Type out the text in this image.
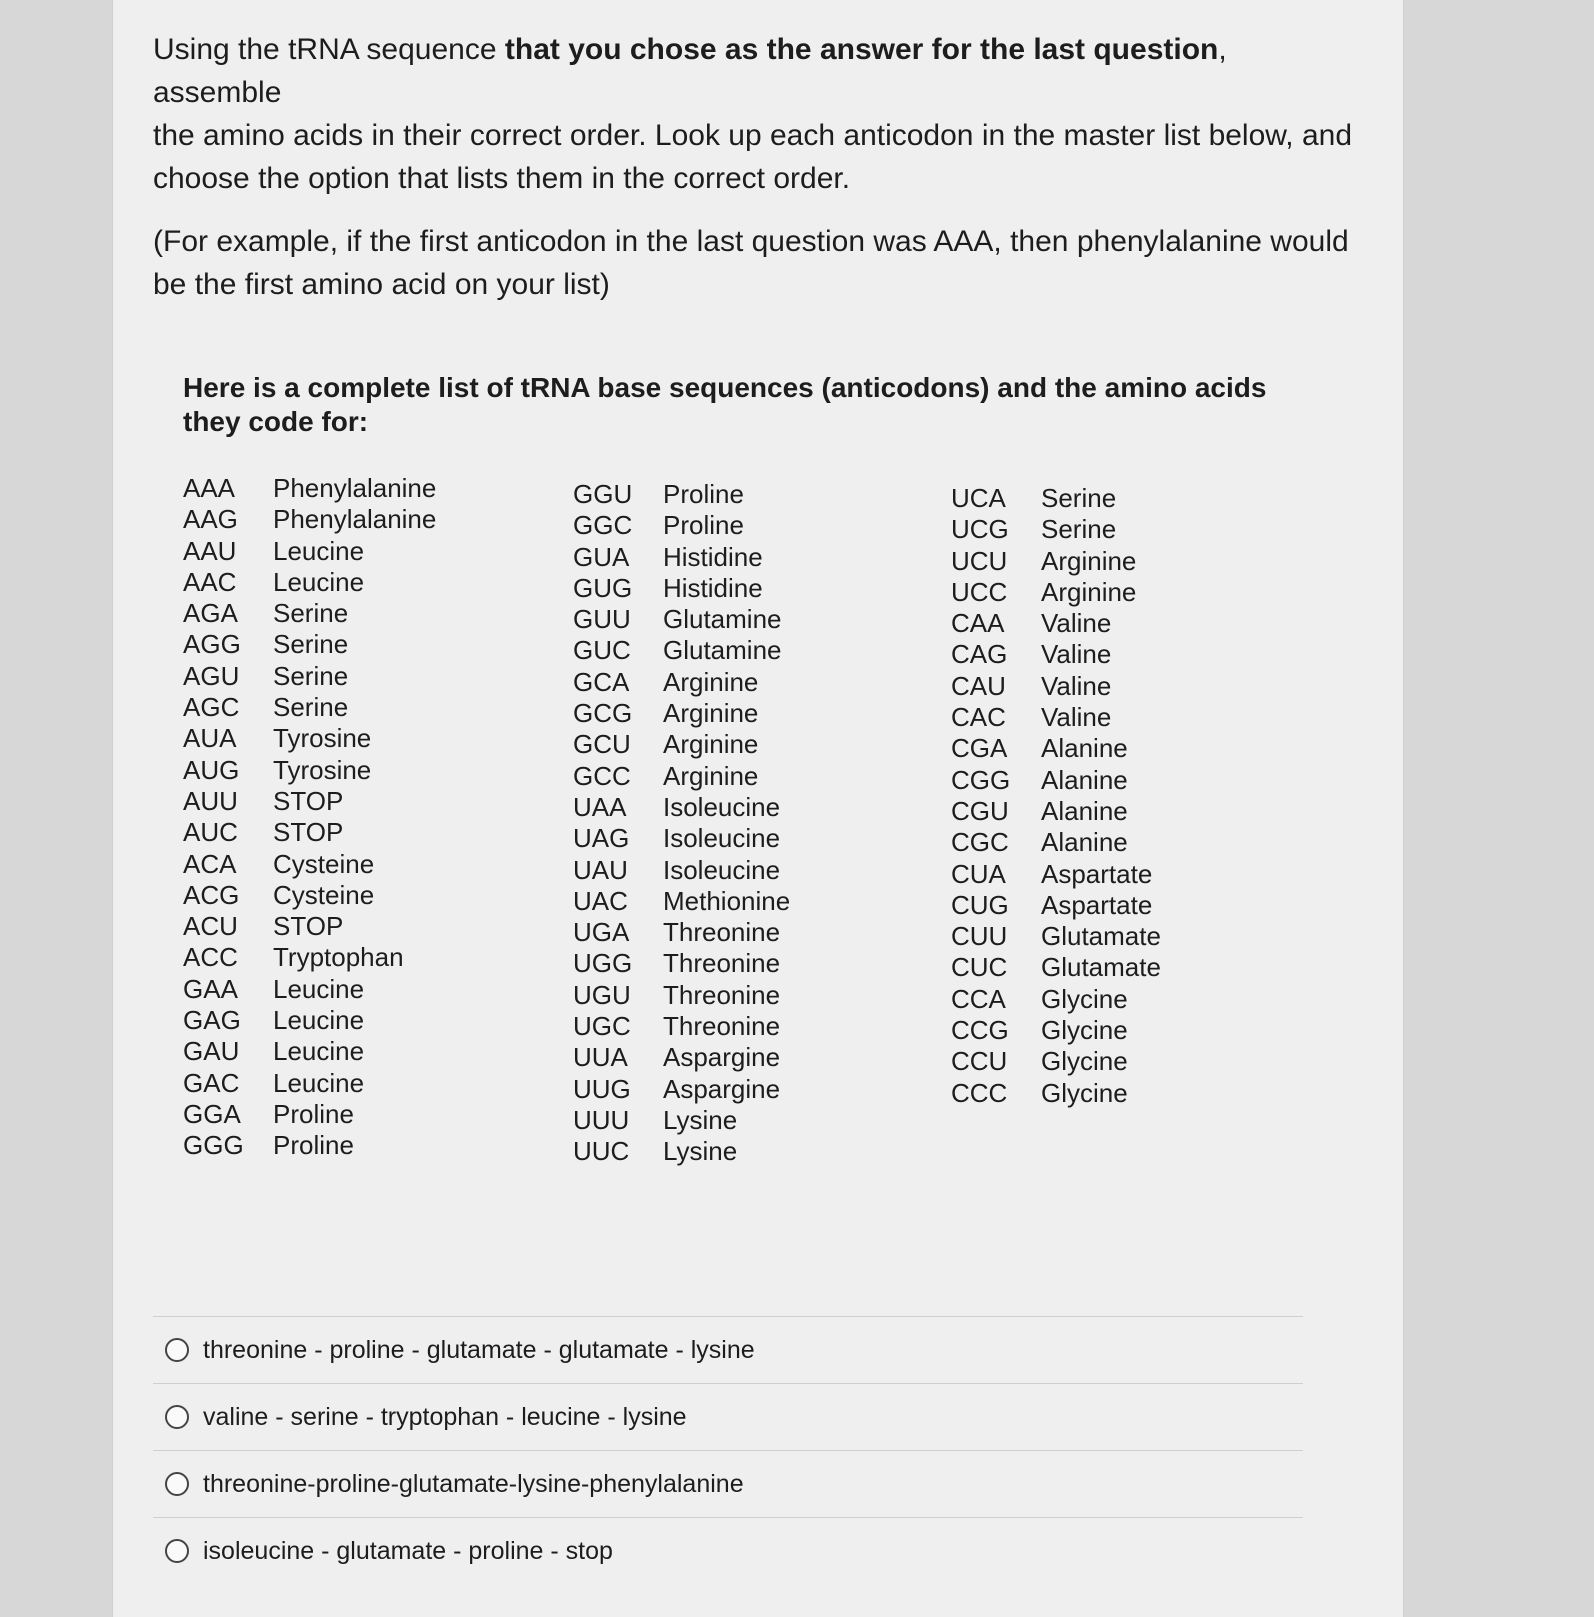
Using the tRNA sequence that you chose as the answer for the last question, assemble

the amino acids in their correct order. Look up each anticodon in the master list below, and

choose the option that lists them in the correct order.

(For example, if the first anticodon in the last question was AAA, then phenylalanine would

be the first amino acid on your list)

Here is a complete list of tRNA base sequences (anticodons) and the amino acids they code for:
AAA	Phenylalanine
AAG	Phenylalanine
AAU	Leucine
AAC	Leucine
AGA	Serine
AGG	Serine
AGU	Serine
AGC	Serine
AUA	Tyrosine
AUG	Tyrosine
AUU	STOP
AUC	STOP
ACA	Cysteine
ACG	Cysteine
ACU	STOP
ACC	Tryptophan
GAA	Leucine
GAG	Leucine
GAU	Leucine
GAC	Leucine
GGA	Proline
GGG	Proline
GGU	Proline
GGC	Proline
GUA	Histidine
GUG	Histidine
GUU	Glutamine
GUC	Glutamine
GCA	Arginine
GCG	Arginine
GCU	Arginine
GCC	Arginine
UAA	Isoleucine
UAG	Isoleucine
UAU	Isoleucine
UAC	Methionine
UGA	Threonine
UGG	Threonine
UGU	Threonine
UGC	Threonine
UUA	Aspargine
UUG	Aspargine
UUU	Lysine
UUC	Lysine
UCA	Serine
UCG	Serine
UCU	Arginine
UCC	Arginine
CAA	Valine
CAG	Valine
CAU	Valine
CAC	Valine
CGA	Alanine
CGG	Alanine
CGU	Alanine
CGC	Alanine
CUA	Aspartate
CUG	Aspartate
CUU	Glutamate
CUC	Glutamate
CCA	Glycine
CCG	Glycine
CCU	Glycine
CCC	Glycine
threonine - proline - glutamate - glutamate - lysine
valine - serine - tryptophan - leucine - lysine
threonine-proline-glutamate-lysine-phenylalanine
isoleucine - glutamate - proline - stop
